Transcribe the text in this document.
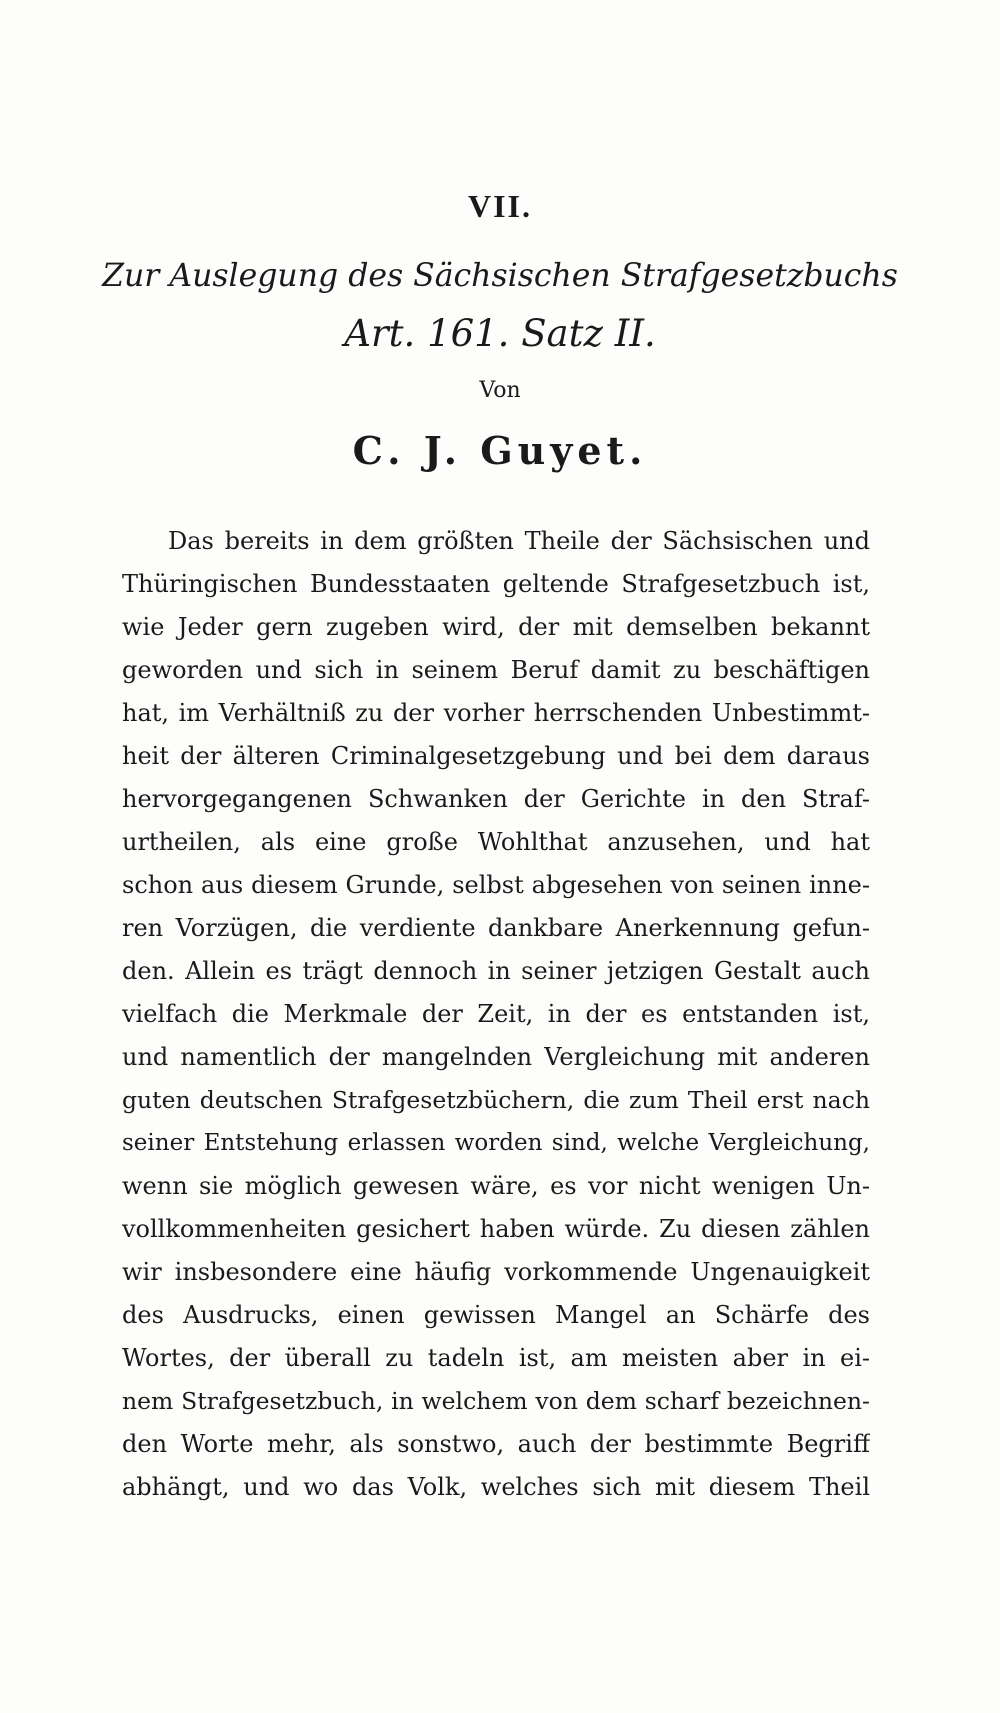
VII.
Zur Auslegung des Sächsischen Strafgesetzbuchs
Art. 161. Satz II.
Von
C. J. Guyet.
Das bereits in dem größten Theile der Sächsischen und
Thüringischen Bundesstaaten geltende Strafgesetzbuch ist,
wie Jeder gern zugeben wird, der mit demselben bekannt
geworden und sich in seinem Beruf damit zu beschäftigen
hat, im Verhältniß zu der vorher herrschenden Unbestimmt-
heit der älteren Criminalgesetzgebung und bei dem daraus
hervorgegangenen Schwanken der Gerichte in den Straf-
urtheilen, als eine große Wohlthat anzusehen, und hat
schon aus diesem Grunde, selbst abgesehen von seinen inne-
ren Vorzügen, die verdiente dankbare Anerkennung gefun-
den. Allein es trägt dennoch in seiner jetzigen Gestalt auch
vielfach die Merkmale der Zeit, in der es entstanden ist,
und namentlich der mangelnden Vergleichung mit anderen
guten deutschen Strafgesetzbüchern, die zum Theil erst nach
seiner Entstehung erlassen worden sind, welche Vergleichung,
wenn sie möglich gewesen wäre, es vor nicht wenigen Un-
vollkommenheiten gesichert haben würde. Zu diesen zählen
wir insbesondere eine häufig vorkommende Ungenauigkeit
des Ausdrucks, einen gewissen Mangel an Schärfe des
Wortes, der überall zu tadeln ist, am meisten aber in ei-
nem Strafgesetzbuch, in welchem von dem scharf bezeichnen-
den Worte mehr, als sonstwo, auch der bestimmte Begriff
abhängt, und wo das Volk, welches sich mit diesem Theil
